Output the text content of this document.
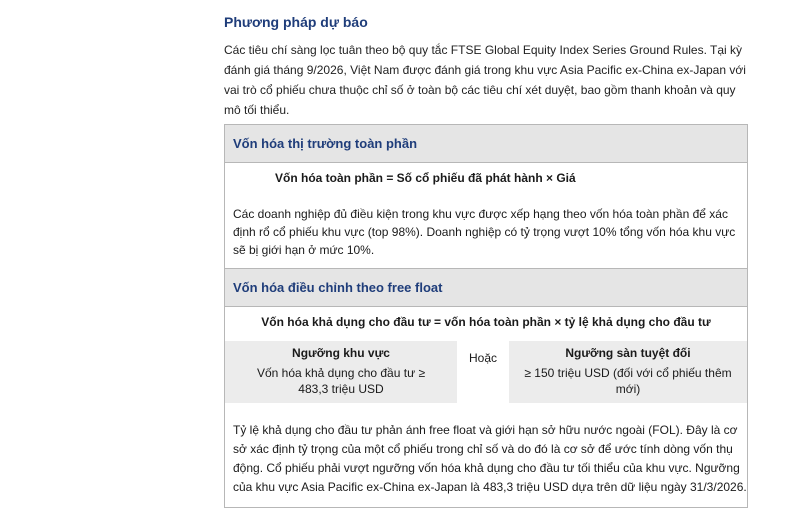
Phương pháp dự báo
Các tiêu chí sàng lọc tuân theo bộ quy tắc FTSE Global Equity Index Series Ground Rules. Tại kỳ đánh giá tháng 9/2026, Việt Nam được đánh giá trong khu vực Asia Pacific ex-China ex-Japan với vai trò cổ phiếu chưa thuộc chỉ số ở toàn bộ các tiêu chí xét duyệt, bao gồm thanh khoản và quy mô tối thiểu.
Vốn hóa thị trường toàn phần
Vốn hóa toàn phần = Số cổ phiếu đã phát hành × Giá
Các doanh nghiệp đủ điều kiện trong khu vực được xếp hạng theo vốn hóa toàn phần để xác định rổ cổ phiếu khu vực (top 98%). Doanh nghiệp có tỷ trọng vượt 10% tổng vốn hóa khu vực sẽ bị giới hạn ở mức 10%.
Vốn hóa điều chỉnh theo free float
Vốn hóa khả dụng cho đầu tư = vốn hóa toàn phần × tỷ lệ khả dụng cho đầu tư
Ngưỡng khu vực
Vốn hóa khả dụng cho đầu tư ≥ 483,3 triệu USD
Hoặc	Ngưỡng sàn tuyệt đối
≥ 150 triệu USD (đối với cổ phiếu thêm mới)
Tỷ lệ khả dụng cho đầu tư phản ánh free float và giới hạn sở hữu nước ngoài (FOL). Đây là cơ sở xác định tỷ trọng của một cổ phiếu trong chỉ số và do đó là cơ sở để ước tính dòng vốn thụ động. Cổ phiếu phải vượt ngưỡng vốn hóa khả dụng cho đầu tư tối thiểu của khu vực. Ngưỡng của khu vực Asia Pacific ex-China ex-Japan là 483,3 triệu USD dựa trên dữ liệu ngày 31/3/2026.
